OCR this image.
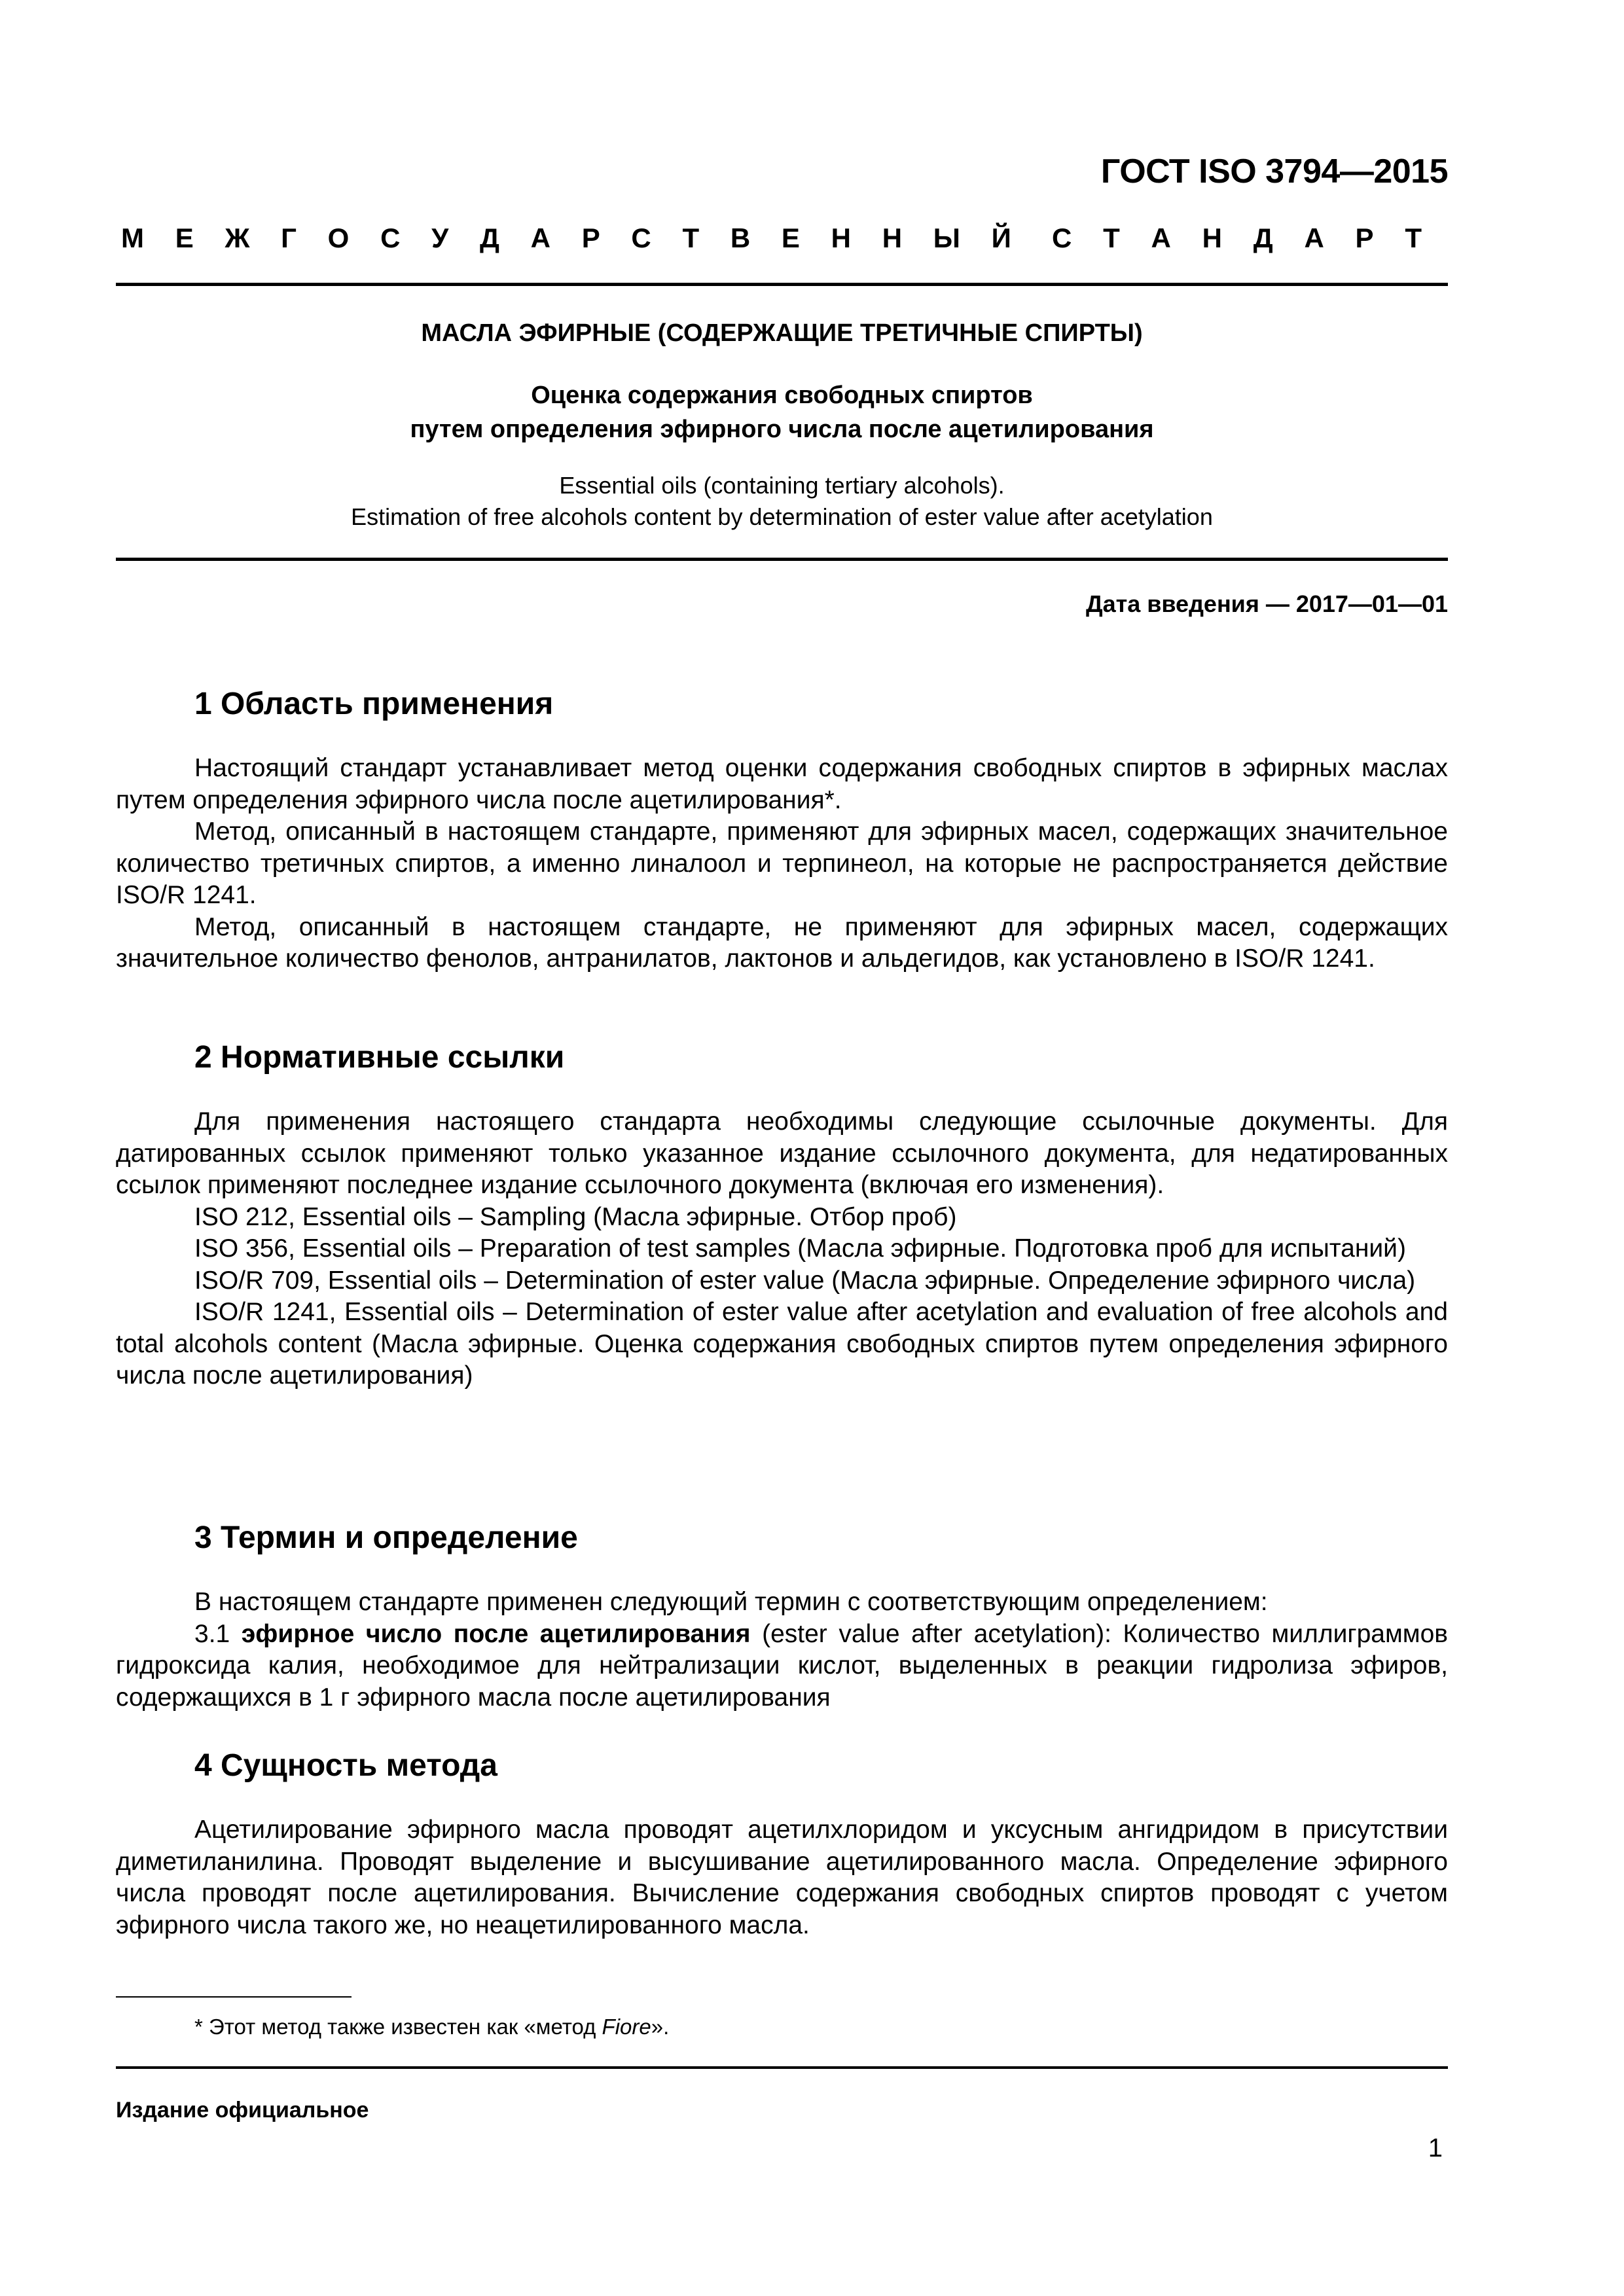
ГОСТ ISO 3794—2015
М Е Ж Г О С У Д А Р С Т В Е Н Н Ы Й С Т А Н Д А Р Т
МАСЛА ЭФИРНЫЕ (СОДЕРЖАЩИЕ ТРЕТИЧНЫЕ СПИРТЫ)
Оценка содержания свободных спиртов
путем определения эфирного числа после ацетилирования
Essential oils (containing tertiary alcohols).
Estimation of free alcohols content by determination of ester value after acetylation
Дата введения — 2017—01—01
1 Область применения

Настоящий стандарт устанавливает метод оценки содержания свободных спиртов в эфирных маслах путем определения эфирного числа после ацетилирования*.

Метод, описанный в настоящем стандарте, применяют для эфирных масел, содержащих значительное количество третичных спиртов, а именно линалоол и терпинеол, на которые не распространяется действие ISO/R 1241.

Метод, описанный в настоящем стандарте, не применяют для эфирных масел, содержащих значительное количество фенолов, антранилатов, лактонов и альдегидов, как установлено в ISO/R 1241.

2 Нормативные ссылки

Для применения настоящего стандарта необходимы следующие ссылочные документы. Для датированных ссылок применяют только указанное издание ссылочного документа, для недатированных ссылок применяют последнее издание ссылочного документа (включая его изменения).

ISO 212, Essential oils – Sampling (Масла эфирные. Отбор проб)

ISO 356, Essential oils – Preparation of test samples (Масла эфирные. Подготовка проб для испытаний)

ISO/R 709, Essential oils – Determination of ester value (Масла эфирные. Определение эфирного числа)

ISO/R 1241, Essential oils – Determination of ester value after acetylation and evaluation of free alcohols and total alcohols content (Масла эфирные. Оценка содержания свободных спиртов путем определения эфирного числа после ацетилирования)

3 Термин и определение

В настоящем стандарте применен следующий термин с соответствующим определением:

3.1 эфирное число после ацетилирования (ester value after acetylation): Количество миллиграммов гидроксида калия, необходимое для нейтрализации кислот, выделенных в реакции гидролиза эфиров, содержащихся в 1 г эфирного масла после ацетилирования

4 Сущность метода

Ацетилирование эфирного масла проводят ацетилхлоридом и уксусным ангидридом в присутствии диметиланилина. Проводят выделение и высушивание ацетилированного масла. Определение эфирного числа проводят после ацетилирования. Вычисление содержания свободных спиртов проводят с учетом эфирного числа такого же, но неацетилированного масла.

* Этот метод также известен как «метод Fiore».
Издание официальное
1
